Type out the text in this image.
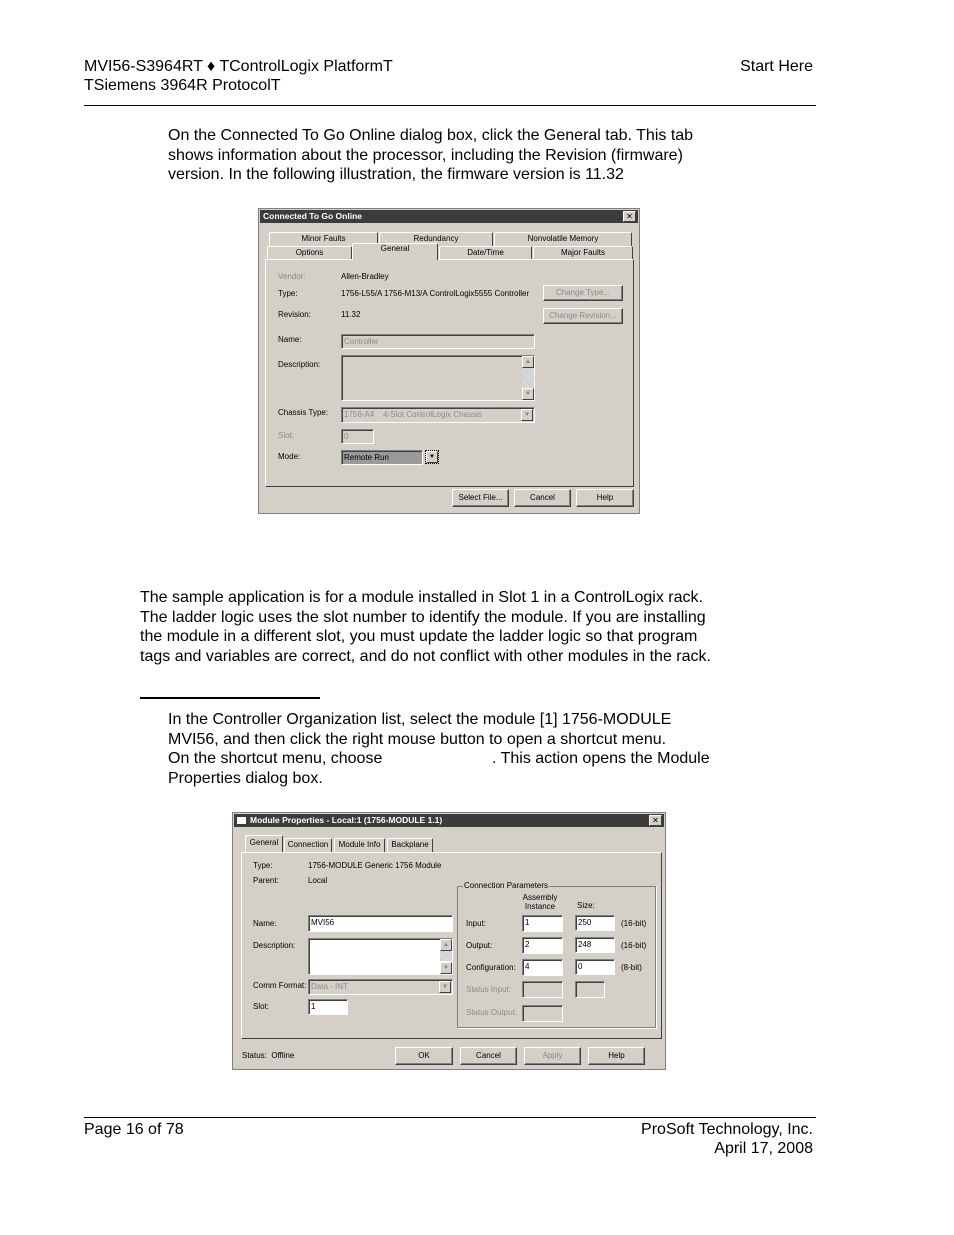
MVI56-S3964RT ♦ TControlLogix PlatformT
TSiemens 3964R ProtocolT
Start Here
On the Connected To Go Online dialog box, click the General tab. This tab
shows information about the processor, including the Revision (firmware)
version. In the following illustration, the firmware version is 11.32
Connected To Go Online	✕
Minor Faults	Redundancy	Nonvolatile Memory
Options	General	Date/Time	Major Faults
Vendor:	Allen-Bradley
Type:	1756-L55/A 1756-M13/A ControlLogix5555 Controller
Revision:	11.32
Change Type...
Change Revision...
Name:	Controller
Description:	▲
▼
Chassis Type:	1756-A4    4-Slot ControlLogix Chassis	▼
Slot:	0
Mode:	Remote Run	▼
Select File...	Cancel	Help
The sample application is for a module installed in Slot 1 in a ControlLogix rack.
The ladder logic uses the slot number to identify the module. If you are installing
the module in a different slot, you must update the ladder logic so that program
tags and variables are correct, and do not conflict with other modules in the rack.
In the Controller Organization list, select the module [1] 1756-MODULE
MVI56, and then click the right mouse button to open a shortcut menu.
On the shortcut menu, choose	. This action opens the Module
Properties dialog box.
Module Properties - Local:1 (1756-MODULE 1.1)	✕
General	Connection	Module Info	Backplane
Type:	1756-MODULE Generic 1756 Module
Parent:	Local
Name:	MVI56
Description:	▲
▼
Comm Format: Data - INT	▼
Slot:	1
Connection Parameters
Assembly Instance	Size:
Input:	1	250	(16-bit)
Output:	2	248	(16-bit)
Configuration:	4	0	(8-bit)
Status Input:
Status Output:
Status:  Offline	OK	Cancel	Apply	Help
Page 16 of 78	ProSoft Technology, Inc.
April 17, 2008
